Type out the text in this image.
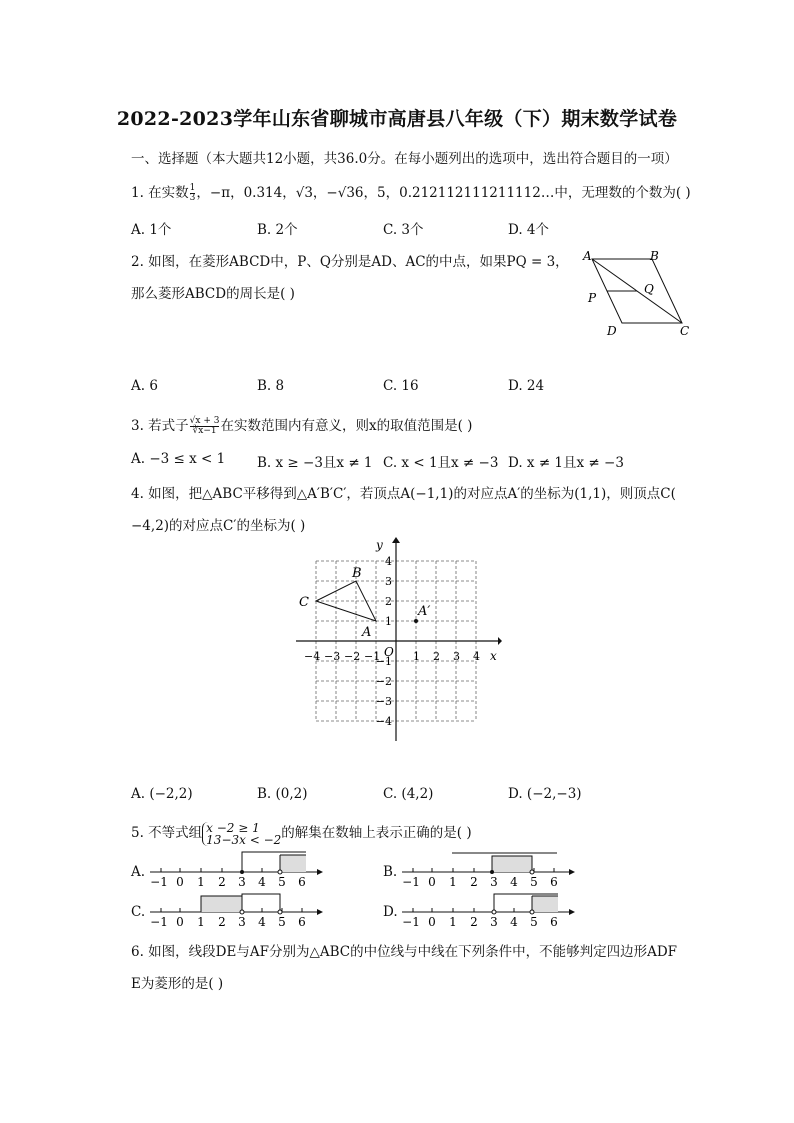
2022-2023学年山东省聊城市高唐县八年级（下）期末数学试卷
一、选择题（本大题共12小题，共36.0分。在每小题列出的选项中，选出符合题目的一项）
1. 在实数 $\frac{1}{3}$ ，−π，0.314，√3，−√36，5，0.212112111211112…中，无理数的个数为( )
A. 1个	B. 2个	C. 3个	D. 4个
2. 如图，在菱形ABCD中，P、Q分别是AD、AC的中点，如果PQ = 3，
那么菱形ABCD的周长是( )
A	B
P
Q
D	C
A. 6	B. 8	C. 16	D. 24
3. 若式子 $\frac{√x + 3}{∛x-1}$ 在实数范围内有意义，则x的取值范围是( )
A. −3 ≤ x < 1 B. x ≥ −3且x ≠ 1 C. x < 1且x ≠ −3 D. x ≠ 1且x ≠ −3
4. 如图，把△ABC平移得到△A′B′C′，若顶点A(−1,1)的对应点A′的坐标为(1,1)，则顶点C(
−4,2)的对应点C′的坐标为( )
y
x
O
−4 −3 −2 −1	1 2 3 4
4
3
2
1
−1
−2
−3
−4
B
C
A
A′
A. (−2,2)	B. (0,2)	C. (4,2)	D. (−2,−3)
5. 不等式组 x −2 ≥ 1
13−3x < −2 的解集在数轴上表示正确的是( )
A.	B.
C.	D.
−1 0 1 2 3 4 5 6	−1 0 1 2 3 4 5 6
−1 0 1 2 3 4 5 6	−1 0 1 2 3 4 5 6
6. 如图，线段DE与AF分别为△ABC的中位线与中线在下列条件中，不能够判定四边形ADF
E为菱形的是( )
